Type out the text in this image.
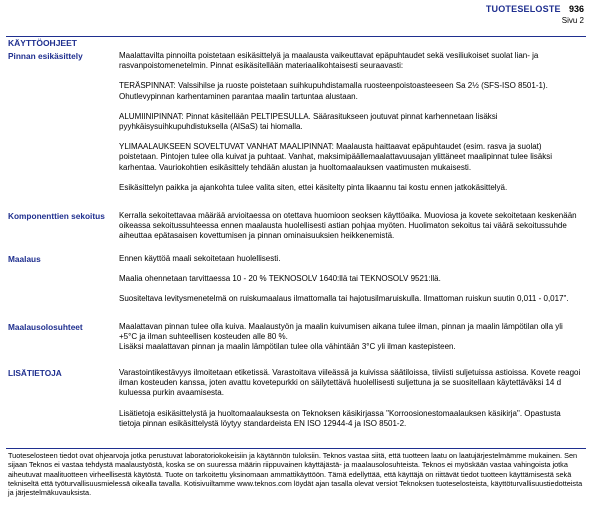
TUOTESELOSTE 936
Sivu 2
KÄYTTÖOHJEET
Pinnan esikäsittely	Maalattavilta pinnoilta poistetaan esikäsittelyä ja maalausta vaikeuttavat epäpuhtaudet sekä vesiliukoiset suolat lian- ja rasvanpoistomenetelmin. Pinnat esikäsitellään materiaalikohtaisesti seuraavasti:

TERÄSPINNAT: Valssihilse ja ruoste poistetaan suihkupuhdistamalla ruosteenpoistoasteeseen Sa 2½ (SFS-ISO 8501-1). Ohutlevypinnan karhentaminen parantaa maalin tartuntaa alustaan.

ALUMIINIPINNAT: Pinnat käsitellään PELTIPESULLA. Säärasitukseen joutuvat pinnat karhennetaan lisäksi pyyhkäisysuihkupuhdistuksella (AlSaS) tai hiomalla.

YLIMAALAUKSEEN SOVELTUVAT VANHAT MAALIPINNAT: Maalausta haittaavat epäpuhtaudet (esim. rasva ja suolat) poistetaan. Pintojen tulee olla kuivat ja puhtaat. Vanhat, maksimipäällemaalattavuusajan ylittäneet maalipinnat tulee lisäksi karhentaa. Vauriokohtien esikäsittely tehdään alustan ja huoltomaalauksen vaatimusten mukaisesti.

Esikäsittelyn paikka ja ajankohta tulee valita siten, ettei käsitelty pinta likaannu tai kostu ennen jatkokäsittelyä.

Komponenttien sekoitus	Kerralla sekoitettavaa määrää arvioitaessa on otettava huomioon seoksen käyttöaika. Muoviosa ja kovete sekoitetaan keskenään oikeassa sekoitussuhteessa ennen maalausta huolellisesti astian pohjaa myöten. Huolimaton sekoitus tai väärä sekoitussuhde aiheuttaa epätasaisen kovettumisen ja pinnan ominaisuuksien heikkenemistä.

Maalaus	Ennen käyttöä maali sekoitetaan huolellisesti.

Maalia ohennetaan tarvittaessa 10 - 20 % TEKNOSOLV 1640:llä tai TEKNOSOLV 9521:llä.

Suositeltava levitysmenetelmä on ruiskumaalaus ilmattomalla tai hajotusilmaruiskulla. Ilmattoman ruiskun suutin 0,011 - 0,017".

Maalausolosuhteet	Maalattavan pinnan tulee olla kuiva. Maalaustyön ja maalin kuivumisen aikana tulee ilman, pinnan ja maalin lämpötilan olla yli +5°C ja ilman suhteellisen kosteuden alle 80 %.
Lisäksi maalattavan pinnan ja maalin lämpötilan tulee olla vähintään 3°C yli ilman kastepisteen.

LISÄTIETOJA	Varastointikestävyys ilmoitetaan etiketissä. Varastoitava viileässä ja kuivissa säätiloissa, tiiviisti suljetuissa astioissa. Kovete reagoi ilman kosteuden kanssa, joten avattu kovetepurkki on säilytettävä huolellisesti suljettuna ja se suositellaan käytettäväksi 14 d kuluessa purkin avaamisesta.

Lisätietoja esikäsittelystä ja huoltomaalauksesta on Teknoksen käsikirjassa "Korroosionestomaalauksen käsikirja". Opastusta tietoja pinnan esikäsittelystä löytyy standardeista EN ISO 12944-4 ja ISO 8501-2.

Tuoteselosteen tiedot ovat ohjearvoja jotka perustuvat laboratoriokokeisiin ja käytännön tuloksiin. Teknos vastaa siitä, että tuotteen laatu on laatujärjestelmämme mukainen. Sen sijaan Teknos ei vastaa tehdystä maalaustyöstä, koska se on suuressa määrin riippuvainen käyttäjästä- ja maalausolosuhteista. Teknos ei myöskään vastaa vahingoista jotka aiheutuvat maalituotteen virheellisestä käytöstä. Tuote on tarkoitettu yksinomaan ammattikäyttöön. Tämä edellyttää, että käyttäjä on riittävät tiedot tuotteen käyttämisestä sekä tekniseltä että työturvallisuusmielessä oikealla tavalla. Kotisivuiltamme www.teknos.com löydät ajan tasalla olevat versiot Teknoksen tuoteselosteista, käyttöturvallisuustiedotteista ja järjestelmäkuvauksista.
